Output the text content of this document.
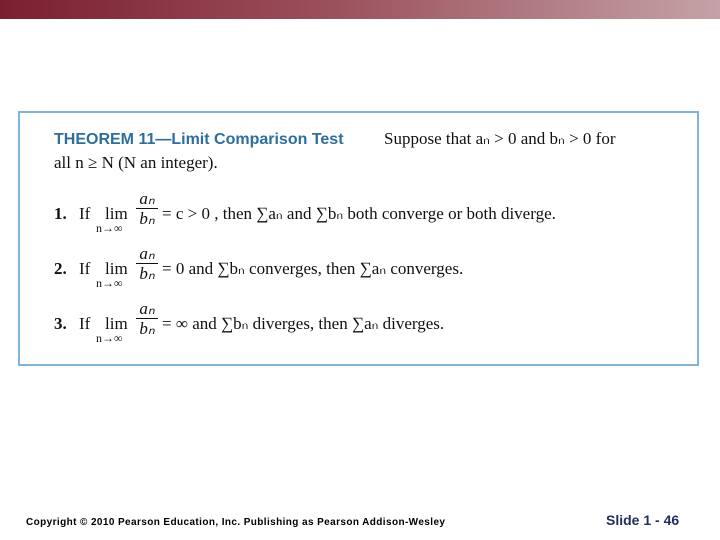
THEOREM 11—Limit Comparison Test Suppose that aₙ > 0 and bₙ > 0 for
all n ≥ N (N an integer).
1. If lim
n→∞
aₙ
bₙ = c > 0 , then ∑aₙ and ∑bₙ both converge or both diverge.
2. If lim
n→∞
aₙ
bₙ = 0 and ∑bₙ converges, then ∑aₙ converges.
3. If lim
n→∞
aₙ
bₙ = ∞ and ∑bₙ diverges, then ∑aₙ diverges.
Copyright © 2010 Pearson Education, Inc. Publishing as Pearson Addison-Wesley	Slide 1 - 46
